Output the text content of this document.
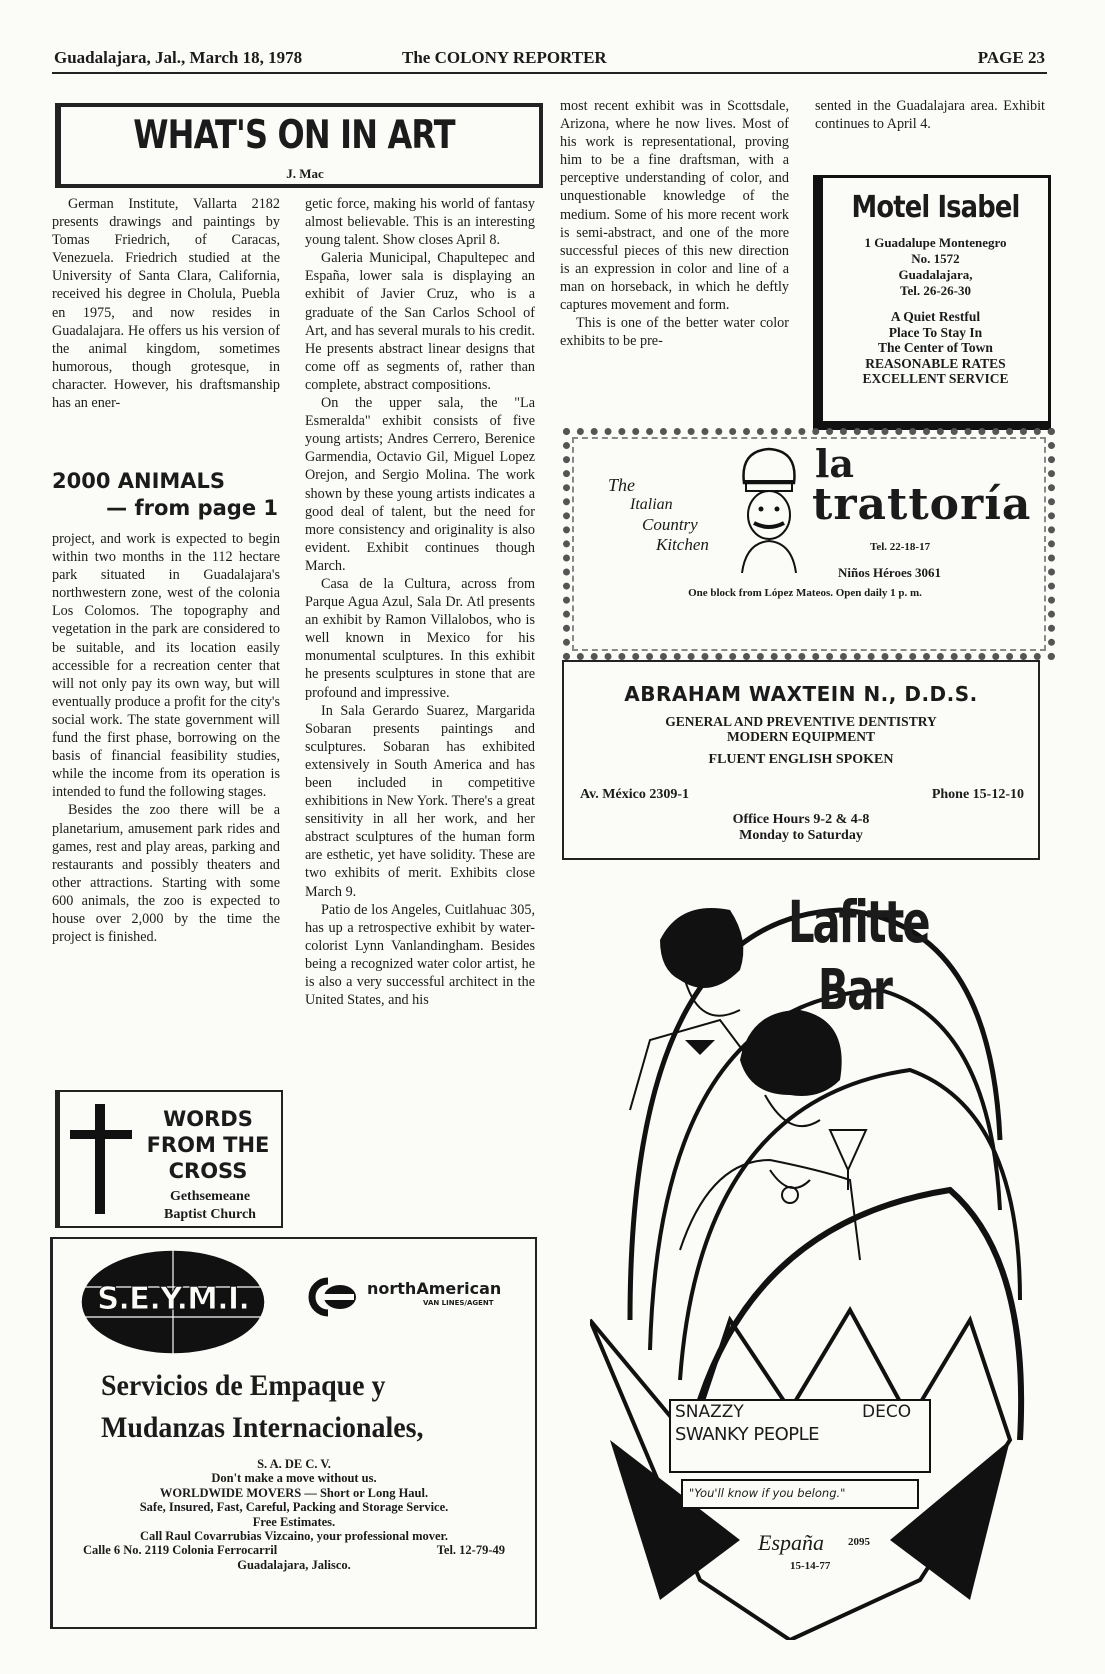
Guadalajara, Jal., March 18, 1978	The COLONY REPORTER	PAGE 23
WHAT'S ON IN ART
J. Mac

German Institute, Vallarta 2182 presents drawings and paintings by Tomas Friedrich, of Caracas, Venezuela. Friedrich studied at the University of Santa Clara, California, received his degree in Cholula, Puebla en 1975, and now resides in Guadalajara. He offers us his version of the animal kingdom, sometimes humorous, though grotesque, in character. However, his draftsmanship has an ener-

getic force, making his world of fantasy almost believable. This is an interesting young talent. Show closes April 8.

Galeria Municipal, Chapultepec and España, lower sala is displaying an exhibit of Javier Cruz, who is a graduate of the San Carlos School of Art, and has several murals to his credit. He presents abstract linear designs that come off as segments of, rather than complete, abstract compositions.

On the upper sala, the "La Esmeralda" exhibit consists of five young artists; Andres Cerrero, Berenice Garmendia, Octavio Gil, Miguel Lopez Orejon, and Sergio Molina. The work shown by these young artists indicates a good deal of talent, but the need for more consistency and originality is also evident. Exhibit continues though March.

Casa de la Cultura, across from Parque Agua Azul, Sala Dr. Atl presents an exhibit by Ramon Villalobos, who is well known in Mexico for his monumental sculptures. In this exhibit he presents sculptures in stone that are profound and impressive.

In Sala Gerardo Suarez, Margarida Sobaran presents paintings and sculptures. Sobaran has exhibited extensively in South America and has been included in competitive exhibitions in New York. There's a great sensitivity in all her work, and her abstract sculptures of the human form are esthetic, yet have solidity. These are two exhibits of merit. Exhibits close March 9.

Patio de los Angeles, Cuitlahuac 305, has up a retrospective exhibit by water-colorist Lynn Vanlandingham. Besides being a recognized water color artist, he is also a very successful architect in the United States, and his

most recent exhibit was in Scottsdale, Arizona, where he now lives. Most of his work is representational, proving him to be a fine draftsman, with a perceptive understanding of color, and unquestionable knowledge of the medium. Some of his more recent work is semi-abstract, and one of the more successful pieces of this new direction is an expression in color and line of a man on horseback, in which he deftly captures movement and form.

This is one of the better water color exhibits to be pre-

sented in the Guadalajara area. Exhibit continues to April 4.

2000 ANIMALS
— from page 1

project, and work is expected to begin within two months in the 112 hectare park situated in Guadalajara's northwestern zone, west of the colonia Los Colomos. The topography and vegetation in the park are considered to be suitable, and its location easily accessible for a recreation center that will not only pay its own way, but will eventually produce a profit for the city's social work. The state government will fund the first phase, borrowing on the basis of financial feasibility studies, while the income from its operation is intended to fund the following stages.

Besides the zoo there will be a planetarium, amusement park rides and games, rest and play areas, parking and restaurants and possibly theaters and other attractions. Starting with some 600 animals, the zoo is expected to house over 2,000 by the time the project is finished.

WORDS
FROM THE
CROSS
Gethsemeane
Baptist Church
Motel Isabel
1 Guadalupe Montenegro
No. 1572
Guadalajara,
Tel. 26-26-30
A Quiet Restful
Place To Stay In
The Center of Town
REASONABLE RATES
EXCELLENT SERVICE
The
Italian
Country
Kitchen
la
trattoría
Tel. 22-18-17
Niños Héroes 3061
One block from López Mateos. Open daily 1 p. m.
ABRAHAM WAXTEIN N., D.D.S.
GENERAL AND PREVENTIVE DENTISTRY
MODERN EQUIPMENT
FLUENT ENGLISH SPOKEN
Av. México 2309-1	Phone 15-12-10
Office Hours 9-2 & 4-8
Monday to Saturday
S.E.Y.M.I.	northAmerican
VAN LINES/AGENT
Servicios de Empaque y
Mudanzas Internacionales,
S. A. DE C. V.
Don't make a move without us.
WORLDWIDE MOVERS — Short or Long Haul.
Safe, Insured, Fast, Careful, Packing and Storage Service.
Free Estimates.
Call Raul Covarrubias Vizcaino, your professional mover.
Calle 6 No. 2119 Colonia Ferrocarril	Tel. 12-79-49
Guadalajara, Jalisco.
Lafitte
Bar
SNAZZY	DECO
SWANKY PEOPLE
"You'll know if you belong."
España 2095
15-14-77
